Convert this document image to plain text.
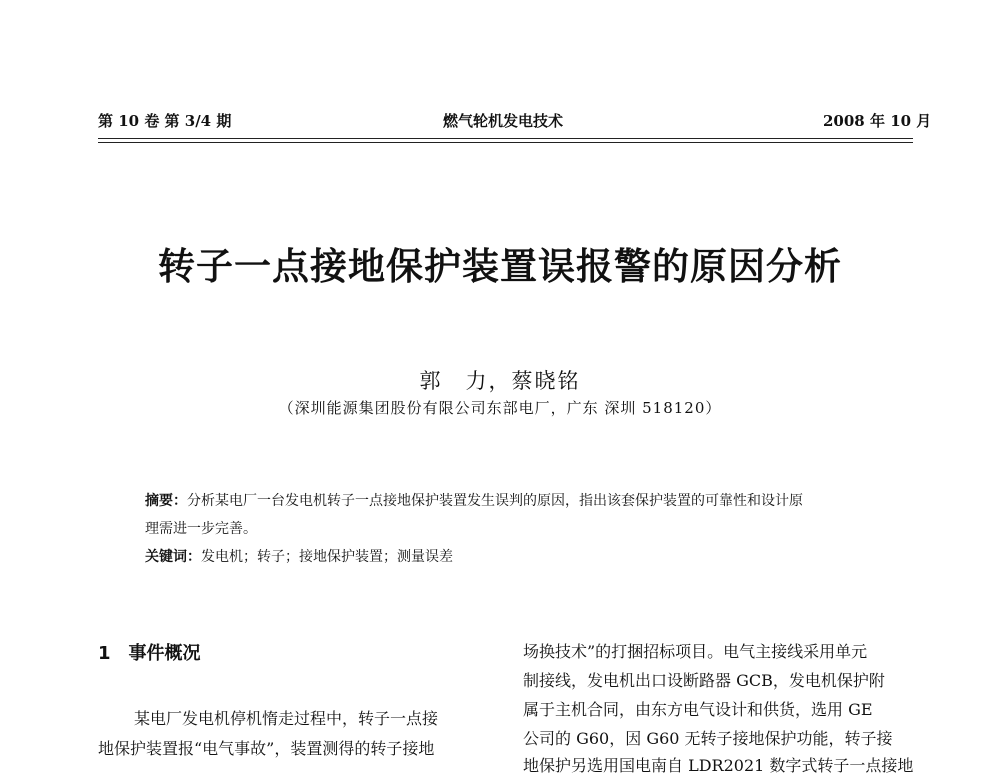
第 10 卷 第 3/4 期	燃气轮机发电技术	2008 年 10 月
转子一点接地保护装置误报警的原因分析
郭　力，蔡晓铭
（深圳能源集团股份有限公司东部电厂，广东 深圳 518120）
摘要：分析某电厂一台发电机转子一点接地保护装置发生误判的原因，指出该套保护装置的可靠性和设计原
理需进一步完善。
关键词：发电机；转子；接地保护装置；测量误差
1 事件概况
某电厂发电机停机惰走过程中，转子一点接
地保护装置报“电气事故”，装置测得的转子接地
场换技术”的打捆招标项目。电气主接线采用单元
制接线，发电机出口设断路器 GCB，发电机保护附
属于主机合同，由东方电气设计和供货，选用 GE
公司的 G60，因 G60 无转子接地保护功能，转子接
地保护另选用国电南自 LDR2021 数字式转子一点接地
